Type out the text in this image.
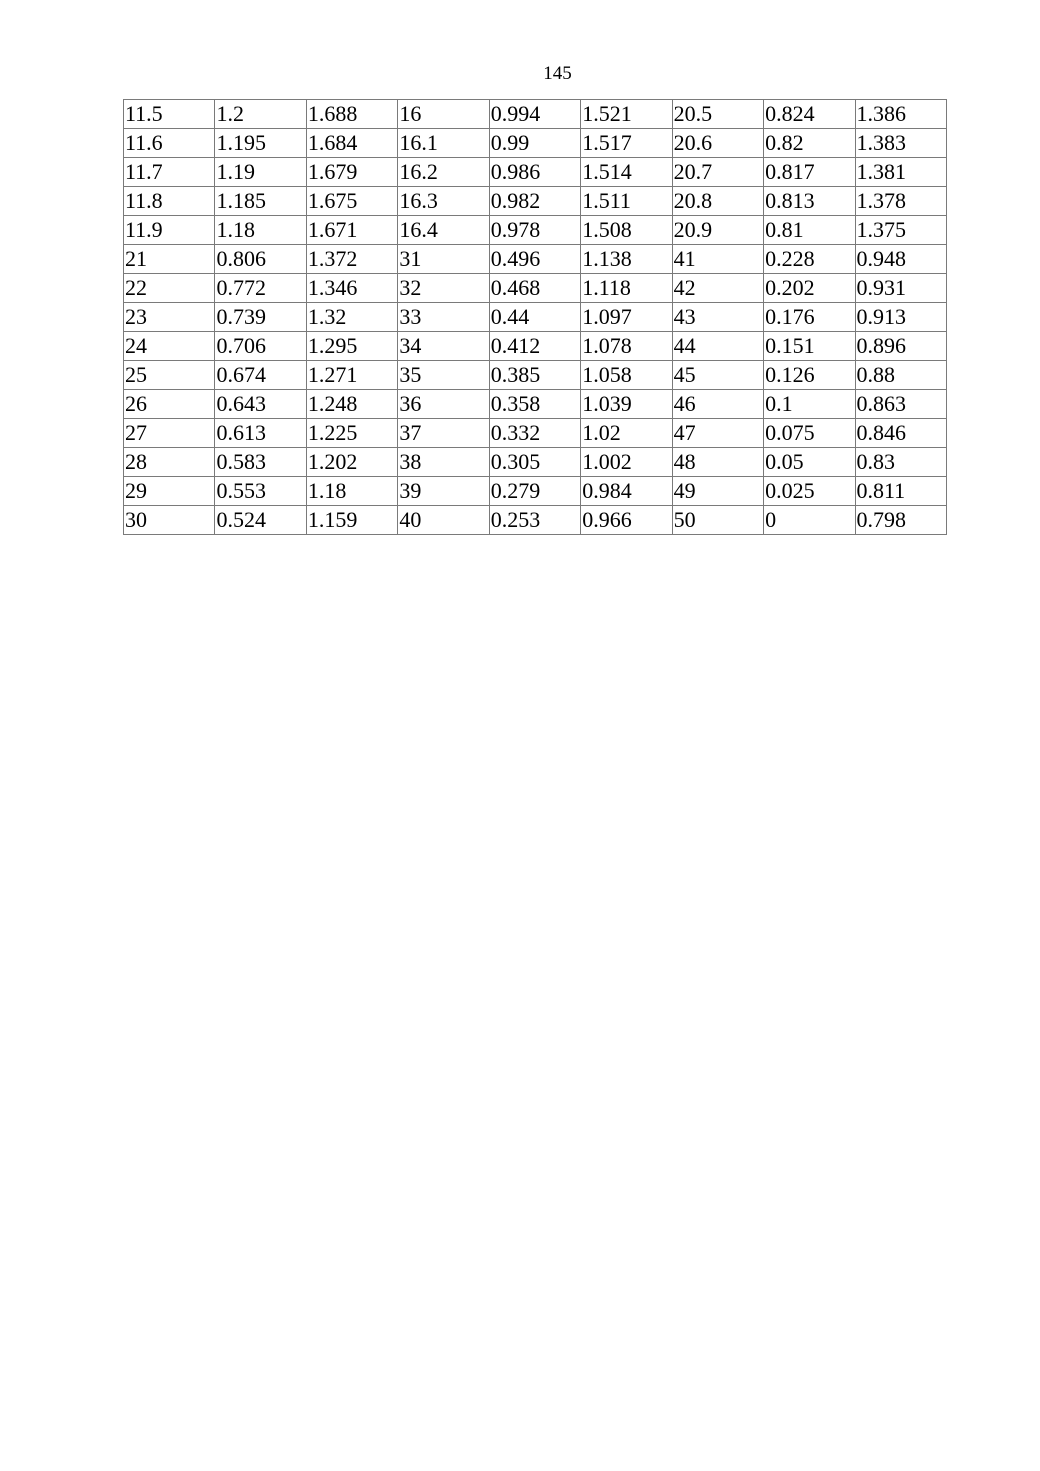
145
11.5	1.2	1.688	16	0.994	1.521	20.5	0.824	1.386
11.6	1.195	1.684	16.1	0.99	1.517	20.6	0.82	1.383
11.7	1.19	1.679	16.2	0.986	1.514	20.7	0.817	1.381
11.8	1.185	1.675	16.3	0.982	1.511	20.8	0.813	1.378
11.9	1.18	1.671	16.4	0.978	1.508	20.9	0.81	1.375
21	0.806	1.372	31	0.496	1.138	41	0.228	0.948
22	0.772	1.346	32	0.468	1.118	42	0.202	0.931
23	0.739	1.32	33	0.44	1.097	43	0.176	0.913
24	0.706	1.295	34	0.412	1.078	44	0.151	0.896
25	0.674	1.271	35	0.385	1.058	45	0.126	0.88
26	0.643	1.248	36	0.358	1.039	46	0.1	0.863
27	0.613	1.225	37	0.332	1.02	47	0.075	0.846
28	0.583	1.202	38	0.305	1.002	48	0.05	0.83
29	0.553	1.18	39	0.279	0.984	49	0.025	0.811
30	0.524	1.159	40	0.253	0.966	50	0	0.798
